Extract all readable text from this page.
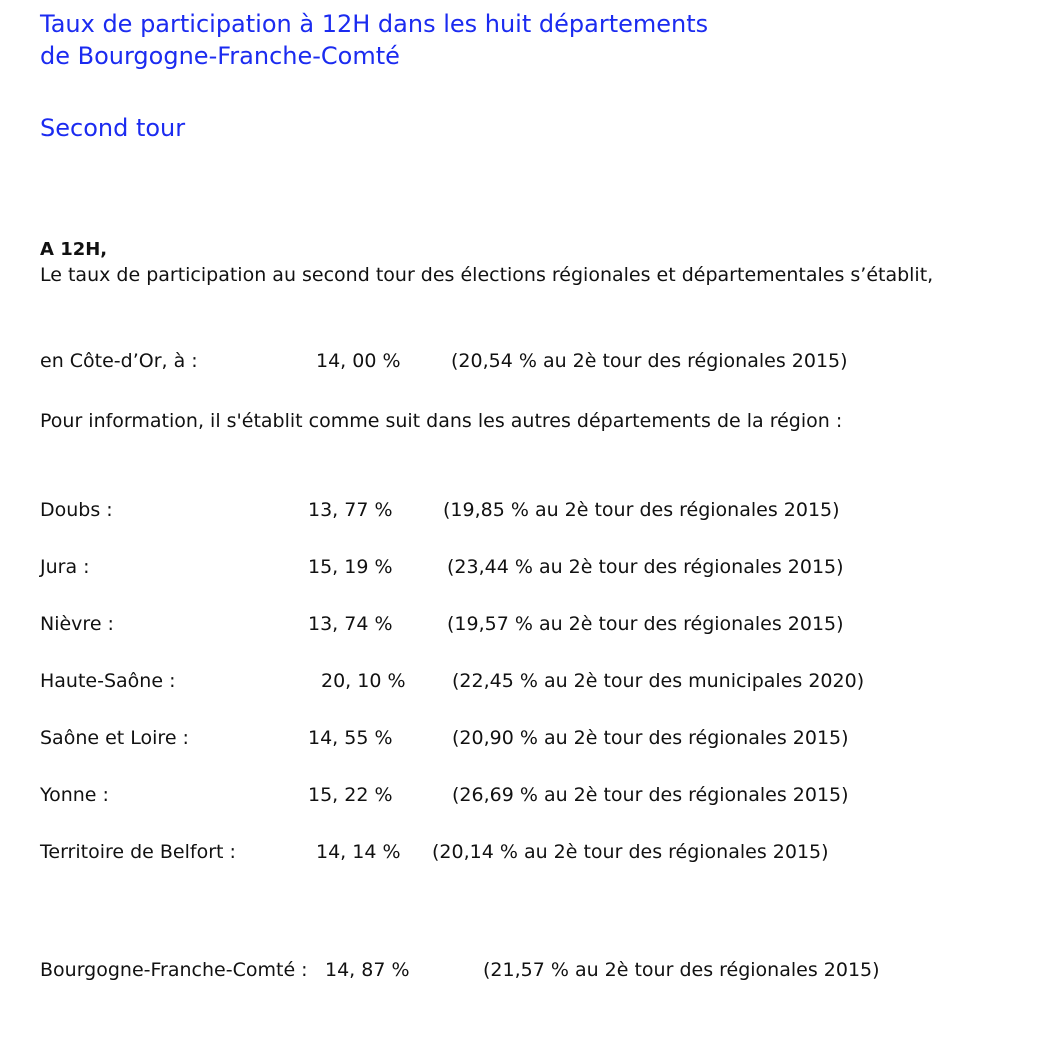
Taux de participation à 12H dans les huit départements
de Bourgogne-Franche-Comté
Second tour
A 12H,
Le taux de participation au second tour des élections régionales et départementales s’établit,
en Côte-d’Or, à :	14, 00 %	(20,54 % au 2è tour des régionales 2015)
Pour information, il s'établit comme suit dans les autres départements de la région :
Doubs :	13, 77 %	(19,85 % au 2è tour des régionales 2015)
Jura :	15, 19 %	(23,44 % au 2è tour des régionales 2015)
Nièvre :	13, 74 %	(19,57 % au 2è tour des régionales 2015)
Haute-Saône :	20, 10 % (22,45 % au 2è tour des municipales 2020)
Saône et Loire :	14, 55 %	(20,90 % au 2è tour des régionales 2015)
Yonne :	15, 22 %	(26,69 % au 2è tour des régionales 2015)
Territoire de Belfort :	14, 14 % (20,14 % au 2è tour des régionales 2015)
Bourgogne-Franche-Comté : 14, 87 %	(21,57 % au 2è tour des régionales 2015)
